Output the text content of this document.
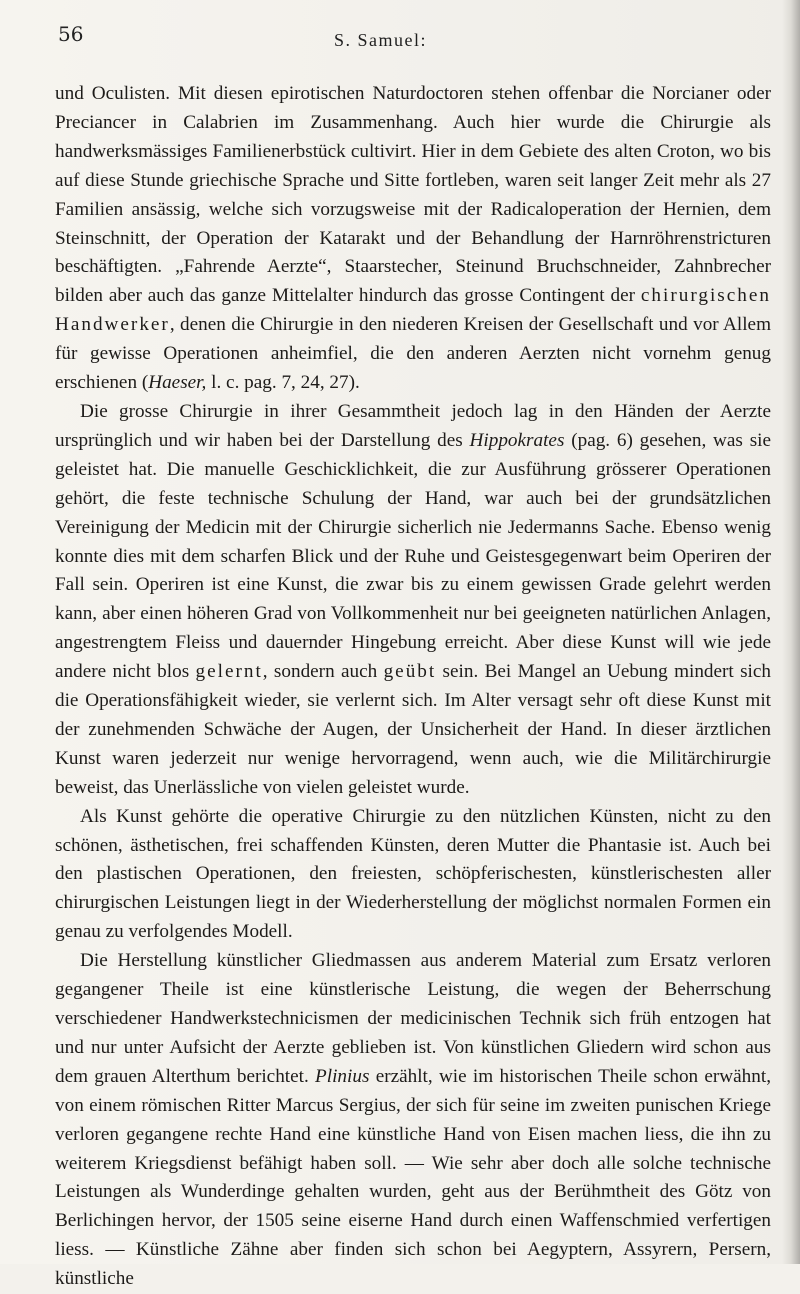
56	S. Samuel:

und Oculisten. Mit diesen epirotischen Naturdoctoren stehen offenbar die Norcianer oder Preciancer in Calabrien im Zusammenhang. Auch hier wurde die Chirurgie als handwerksmässiges Familienerbstück cultivirt. Hier in dem Gebiete des alten Croton, wo bis auf diese Stunde griechische Sprache und Sitte fortleben, waren seit langer Zeit mehr als 27 Familien ansässig, welche sich vorzugsweise mit der Radicaloperation der Hernien, dem Steinschnitt, der Operation der Katarakt und der Behandlung der Harnröhrenstricturen beschäftigten. „Fahrende Aerzte“, Staarstecher, Steinund Bruchschneider, Zahnbrecher bilden aber auch das ganze Mittelalter hindurch das grosse Contingent der chirurgischen Handwerker, denen die Chirurgie in den niederen Kreisen der Gesellschaft und vor Allem für gewisse Operationen anheimfiel, die den anderen Aerzten nicht vornehm genug erschienen (Haeser, l. c. pag. 7, 24, 27).

Die grosse Chirurgie in ihrer Gesammtheit jedoch lag in den Händen der Aerzte ursprünglich und wir haben bei der Darstellung des Hippokrates (pag. 6) gesehen, was sie geleistet hat. Die manuelle Geschicklichkeit, die zur Ausführung grösserer Operationen gehört, die feste technische Schulung der Hand, war auch bei der grundsätzlichen Vereinigung der Medicin mit der Chirurgie sicherlich nie Jedermanns Sache. Ebenso wenig konnte dies mit dem scharfen Blick und der Ruhe und Geistesgegenwart beim Operiren der Fall sein. Operiren ist eine Kunst, die zwar bis zu einem gewissen Grade gelehrt werden kann, aber einen höheren Grad von Vollkommenheit nur bei geeigneten natürlichen Anlagen, angestrengtem Fleiss und dauernder Hingebung erreicht. Aber diese Kunst will wie jede andere nicht blos gelernt, sondern auch geübt sein. Bei Mangel an Uebung mindert sich die Operationsfähigkeit wieder, sie verlernt sich. Im Alter versagt sehr oft diese Kunst mit der zunehmenden Schwäche der Augen, der Unsicherheit der Hand. In dieser ärztlichen Kunst waren jederzeit nur wenige hervorragend, wenn auch, wie die Militärchirurgie beweist, das Unerlässliche von vielen geleistet wurde.

Als Kunst gehörte die operative Chirurgie zu den nützlichen Künsten, nicht zu den schönen, ästhetischen, frei schaffenden Künsten, deren Mutter die Phantasie ist. Auch bei den plastischen Operationen, den freiesten, schöpferischesten, künstlerischesten aller chirurgischen Leistungen liegt in der Wiederherstellung der möglichst normalen Formen ein genau zu verfolgendes Modell.

Die Herstellung künstlicher Gliedmassen aus anderem Material zum Ersatz verloren gegangener Theile ist eine künstlerische Leistung, die wegen der Beherrschung verschiedener Handwerkstechnicismen der medicinischen Technik sich früh entzogen hat und nur unter Aufsicht der Aerzte geblieben ist. Von künstlichen Gliedern wird schon aus dem grauen Alterthum berichtet. Plinius erzählt, wie im historischen Theile schon erwähnt, von einem römischen Ritter Marcus Sergius, der sich für seine im zweiten punischen Kriege verloren gegangene rechte Hand eine künstliche Hand von Eisen machen liess, die ihn zu weiterem Kriegsdienst befähigt haben soll. — Wie sehr aber doch alle solche technische Leistungen als Wunderdinge gehalten wurden, geht aus der Berühmtheit des Götz von Berlichingen hervor, der 1505 seine eiserne Hand durch einen Waffenschmied verfertigen liess. — Künstliche Zähne aber finden sich schon bei Aegyptern, Assyrern, Persern, künstliche
